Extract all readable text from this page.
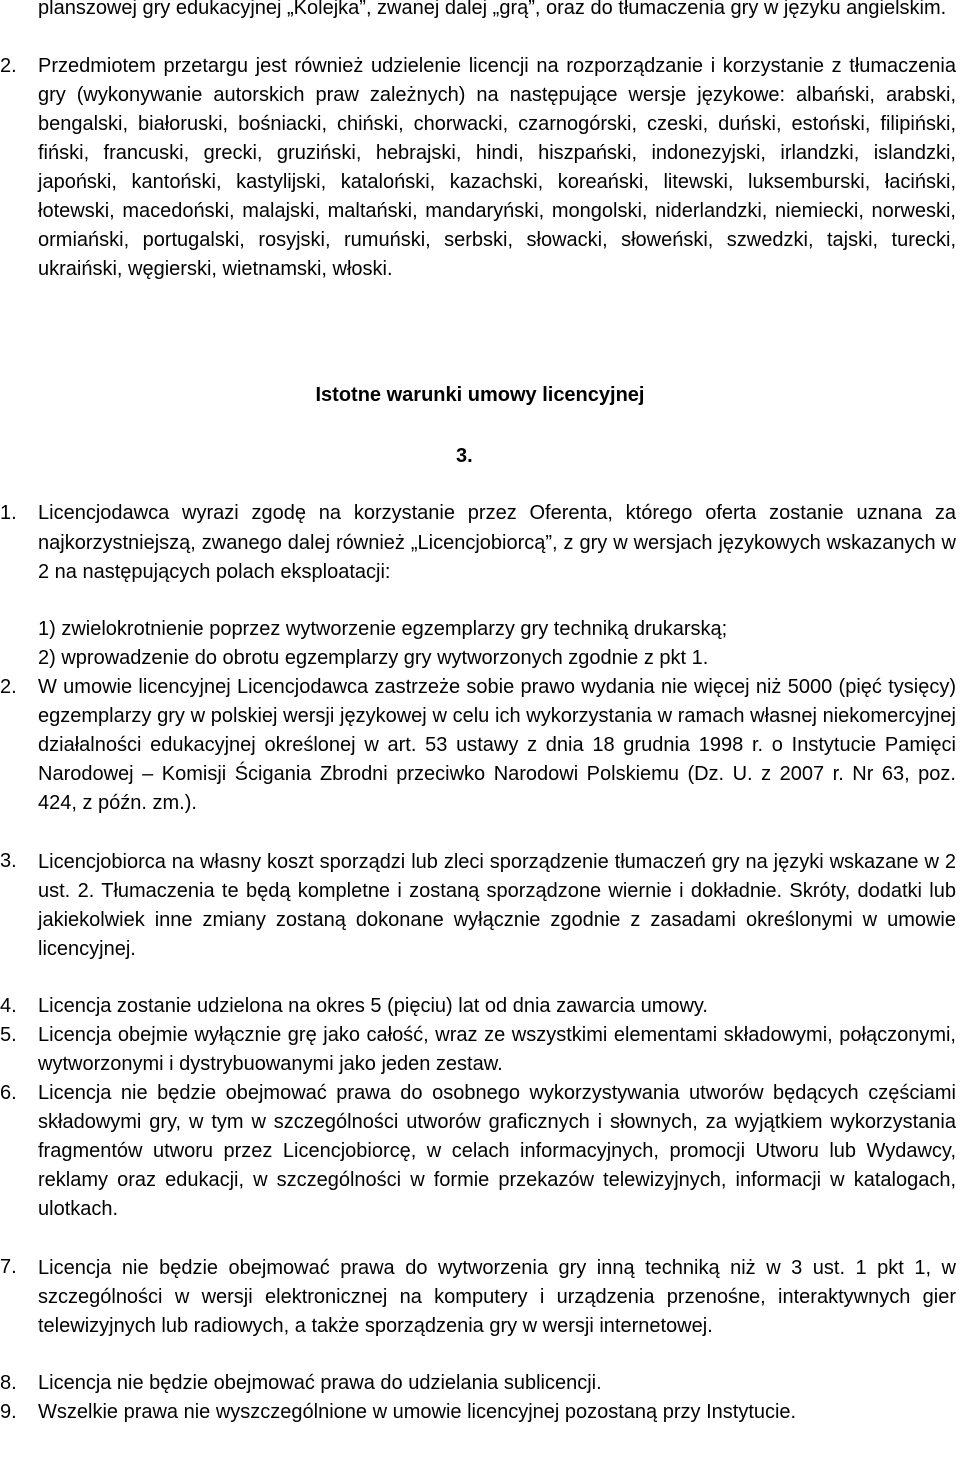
planszowej gry edukacyjnej „Kolejka”, zwanej dalej „grą”, oraz do tłumaczenia gry w języku angielskim.

2. Przedmiotem przetargu jest również udzielenie licencji na rozporządzanie i korzystanie z tłumaczenia gry (wykonywanie autorskich praw zależnych) na następujące wersje językowe: albański, arabski, bengalski, białoruski, bośniacki, chiński, chorwacki, czarnogórski, czeski, duński, estoński, filipiński, fiński, francuski, grecki, gruziński, hebrajski, hindi, hiszpański, indonezyjski, irlandzki, islandzki, japoński, kantoński, kastylijski, kataloński, kazachski, koreański, litewski, luksemburski, łaciński, łotewski, macedoński, malajski, maltański, mandaryński, mongolski, niderlandzki, niemiecki, norweski, ormiański, portugalski, rosyjski, rumuński, serbski, słowacki, słoweński, szwedzki, tajski, turecki, ukraiński, węgierski, wietnamski, włoski.
Istotne warunki umowy licencyjnej

3.

1. Licencjodawca wyrazi zgodę na korzystanie przez Oferenta, którego oferta zostanie uznana za najkorzystniejszą, zwanego dalej również „Licencjobiorcą”, z gry w wersjach językowych wskazanych w 2 na następujących polach eksploatacji:
1) zwielokrotnienie poprzez wytworzenie egzemplarzy gry techniką drukarską;
2) wprowadzenie do obrotu egzemplarzy gry wytworzonych zgodnie z pkt 1.
2. W umowie licencyjnej Licencjodawca zastrzeże sobie prawo wydania nie więcej niż 5000 (pięć tysięcy) egzemplarzy gry w polskiej wersji językowej w celu ich wykorzystania w ramach własnej niekomercyjnej działalności edukacyjnej określonej w art. 53 ustawy z dnia 18 grudnia 1998 r. o Instytucie Pamięci Narodowej – Komisji Ścigania Zbrodni przeciwko Narodowi Polskiemu (Dz. U. z 2007 r. Nr 63, poz. 424, z późn. zm.).
3. Licencjobiorca na własny koszt sporządzi lub zleci sporządzenie tłumaczeń gry na języki wskazane w 2 ust. 2. Tłumaczenia te będą kompletne i zostaną sporządzone wiernie i dokładnie. Skróty, dodatki lub jakiekolwiek inne zmiany zostaną dokonane wyłącznie zgodnie z zasadami określonymi w umowie licencyjnej.
4. Licencja zostanie udzielona na okres 5 (pięciu) lat od dnia zawarcia umowy.
5. Licencja obejmie wyłącznie grę jako całość, wraz ze wszystkimi elementami składowymi, połączonymi, wytworzonymi i dystrybuowanymi jako jeden zestaw.
6. Licencja nie będzie obejmować prawa do osobnego wykorzystywania utworów będących częściami składowymi gry, w tym w szczególności utworów graficznych i słownych, za wyjątkiem wykorzystania fragmentów utworu przez Licencjobiorcę, w celach informacyjnych, promocji Utworu lub Wydawcy, reklamy oraz edukacji, w szczególności w formie przekazów telewizyjnych, informacji w katalogach, ulotkach.
7. Licencja nie będzie obejmować prawa do wytworzenia gry inną techniką niż w 3 ust. 1 pkt 1, w szczególności w wersji elektronicznej na komputery i urządzenia przenośne, interaktywnych gier telewizyjnych lub radiowych, a także sporządzenia gry w wersji internetowej.
8. Licencja nie będzie obejmować prawa do udzielania sublicencji.
9. Wszelkie prawa nie wyszczególnione w umowie licencyjnej pozostaną przy Instytucie.
